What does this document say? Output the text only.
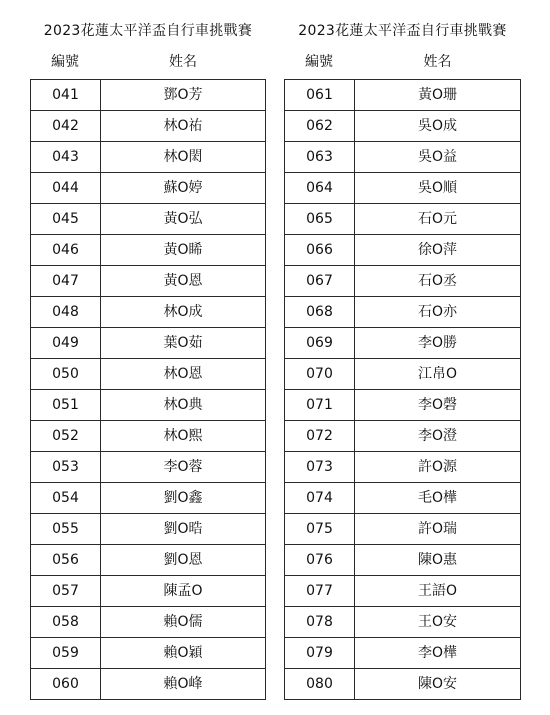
2023花蓮太平洋盃自行車挑戰賽
編號	姓名
041	鄧O芳
042	林O祐
043	林O閎
044	蘇O婷
045	黃O弘
046	黃O睎
047	黃O恩
048	林O成
049	葉O茹
050	林O恩
051	林O典
052	林O熙
053	李O蓉
054	劉O鑫
055	劉O晧
056	劉O恩
057	陳孟O
058	賴O儒
059	賴O穎
060	賴O峰
2023花蓮太平洋盃自行車挑戰賽
編號	姓名
061	黃O珊
062	吳O成
063	吳O益
064	吳O順
065	石O元
066	徐O萍
067	石O丞
068	石O亦
069	李O勝
070	江帛O
071	李O磬
072	李O澄
073	許O源
074	毛O樺
075	許O瑞
076	陳O惠
077	王語O
078	王O安
079	李O樺
080	陳O安
